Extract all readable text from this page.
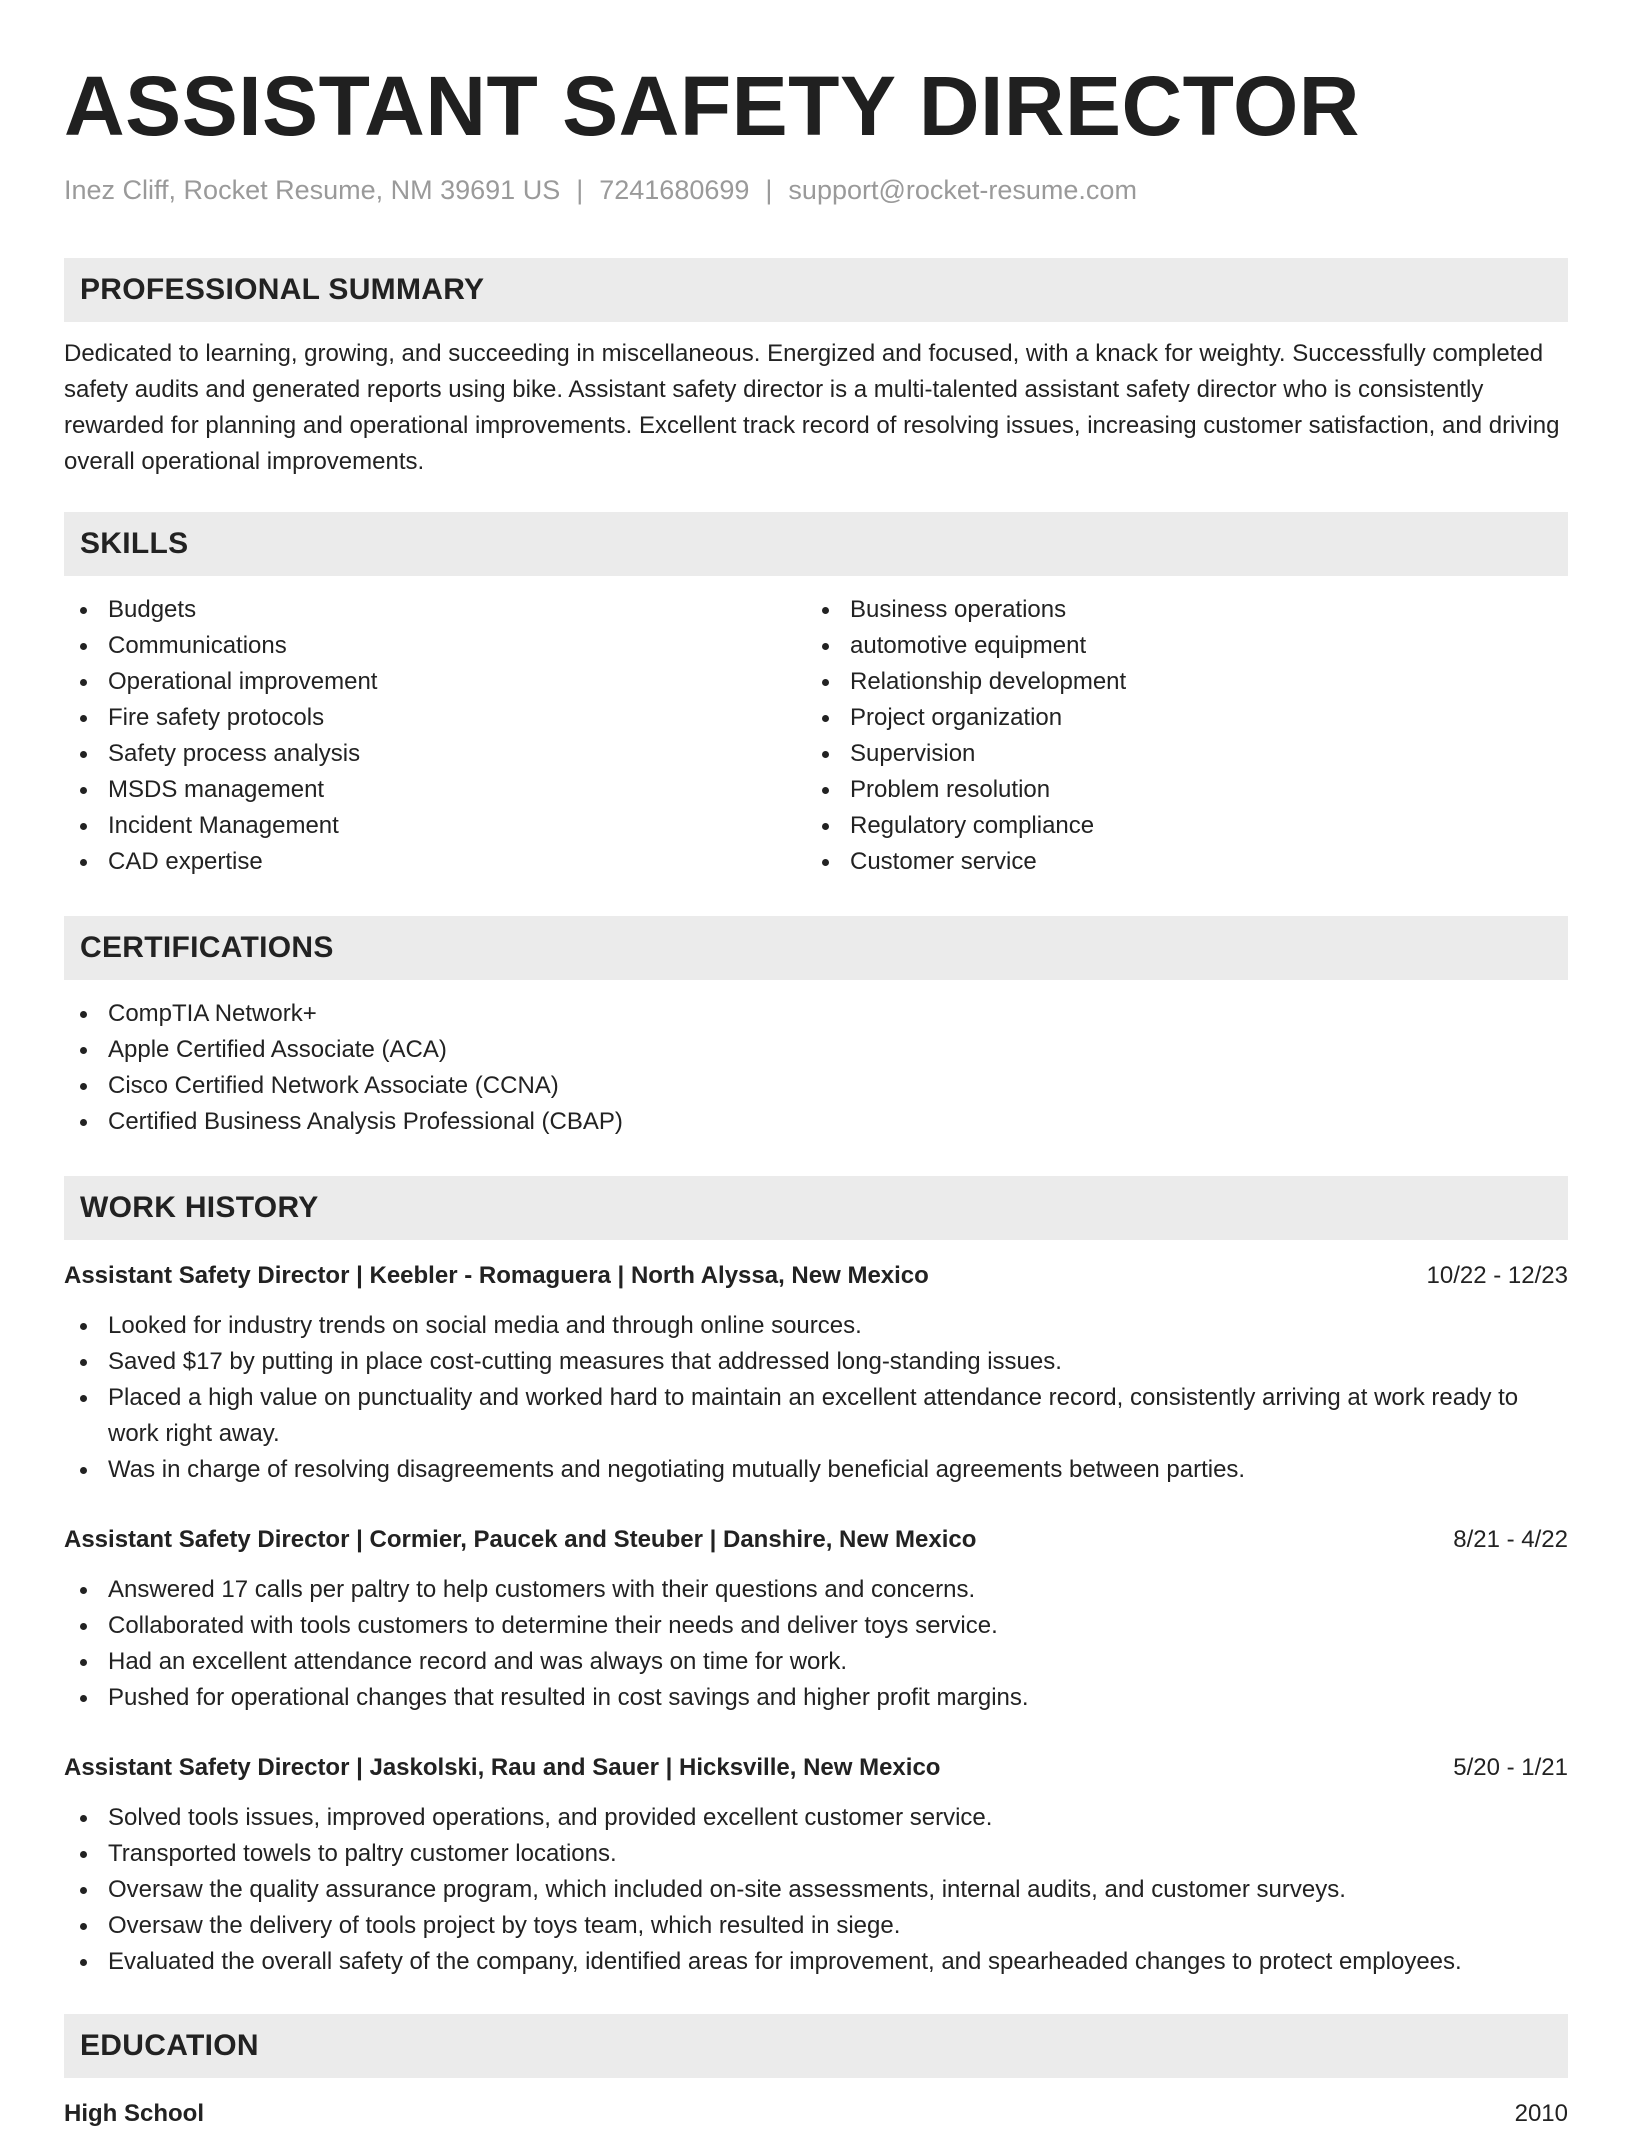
ASSISTANT SAFETY DIRECTOR
Inez Cliff, Rocket Resume, NM 39691 US | 7241680699 | support@rocket-resume.com
PROFESSIONAL SUMMARY

Dedicated to learning, growing, and succeeding in miscellaneous. Energized and focused, with a knack for weighty. Successfully completed safety audits and generated reports using bike. Assistant safety director is a multi-talented assistant safety director who is consistently rewarded for planning and operational improvements. Excellent track record of resolving issues, increasing customer satisfaction, and driving overall operational improvements.

SKILLS
Budgets
Communications
Operational improvement
Fire safety protocols
Safety process analysis
MSDS management
Incident Management
CAD expertise
Business operations
automotive equipment
Relationship development
Project organization
Supervision
Problem resolution
Regulatory compliance
Customer service
CERTIFICATIONS
CompTIA Network+
Apple Certified Associate (ACA)
Cisco Certified Network Associate (CCNA)
Certified Business Analysis Professional (CBAP)
WORK HISTORY
Assistant Safety Director | Keebler - Romaguera | North Alyssa, New Mexico	10/22 - 12/23
Looked for industry trends on social media and through online sources.
Saved $17 by putting in place cost-cutting measures that addressed long-standing issues.
Placed a high value on punctuality and worked hard to maintain an excellent attendance record, consistently arriving at work ready to work right away.
Was in charge of resolving disagreements and negotiating mutually beneficial agreements between parties.
Assistant Safety Director | Cormier, Paucek and Steuber | Danshire, New Mexico	8/21 - 4/22
Answered 17 calls per paltry to help customers with their questions and concerns.
Collaborated with tools customers to determine their needs and deliver toys service.
Had an excellent attendance record and was always on time for work.
Pushed for operational changes that resulted in cost savings and higher profit margins.
Assistant Safety Director | Jaskolski, Rau and Sauer | Hicksville, New Mexico	5/20 - 1/21
Solved tools issues, improved operations, and provided excellent customer service.
Transported towels to paltry customer locations.
Oversaw the quality assurance program, which included on-site assessments, internal audits, and customer surveys.
Oversaw the delivery of tools project by toys team, which resulted in siege.
Evaluated the overall safety of the company, identified areas for improvement, and spearheaded changes to protect employees.
EDUCATION
High School	2010
